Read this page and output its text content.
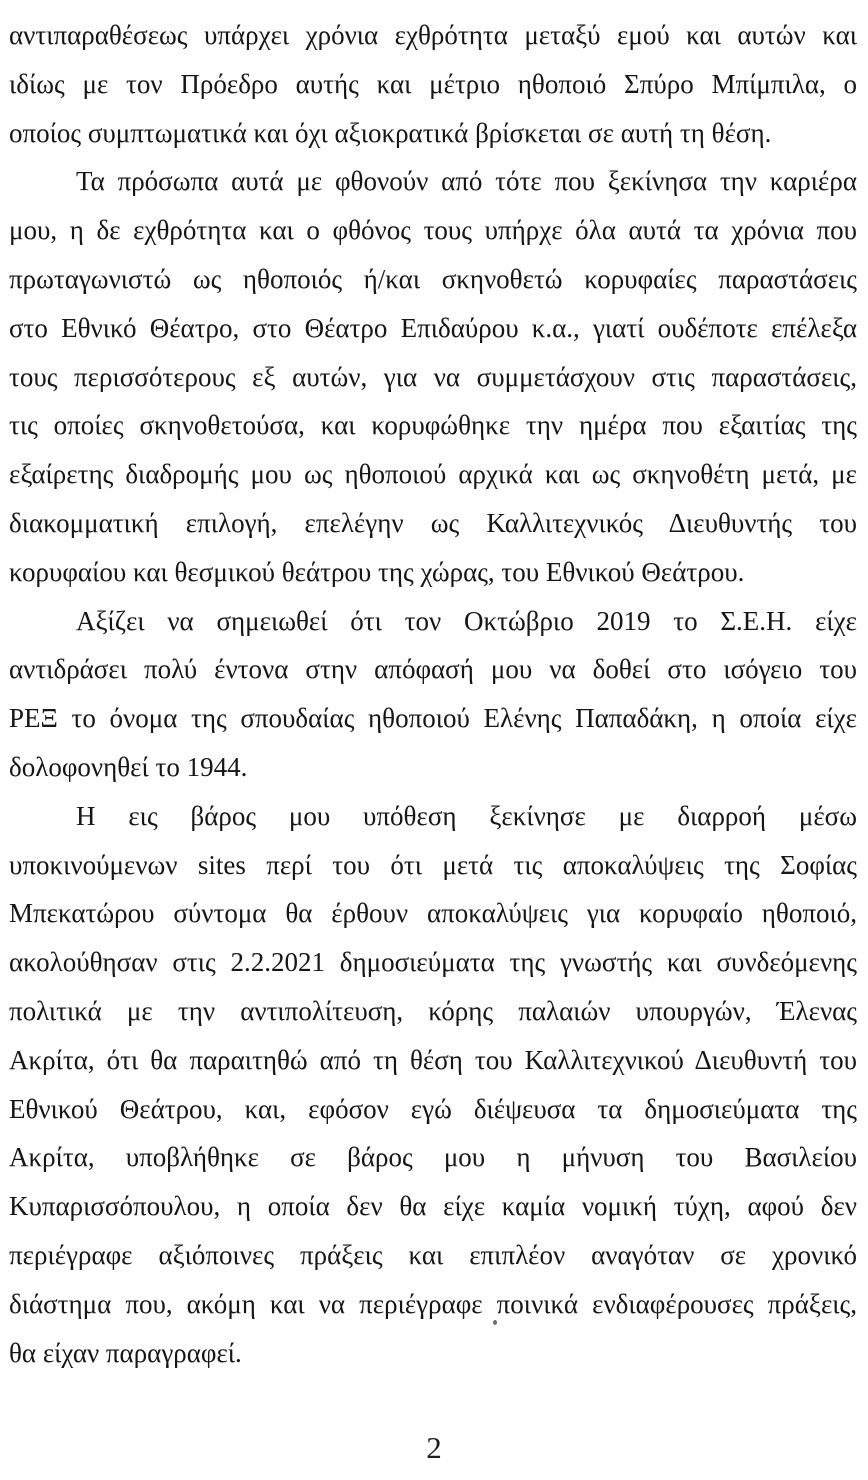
αντιπαραθέσεως υπάρχει χρόνια εχθρότητα μεταξύ εμού και αυτών και
ιδίως με τον Πρόεδρο αυτής και μέτριο ηθοποιό Σπύρο Μπίμπιλα, ο
οποίος συμπτωματικά και όχι αξιοκρατικά βρίσκεται σε αυτή τη θέση.
Τα πρόσωπα αυτά με φθονούν από τότε που ξεκίνησα την καριέρα
μου, η δε εχθρότητα και ο φθόνος τους υπήρχε όλα αυτά τα χρόνια που
πρωταγωνιστώ ως ηθοποιός ή/και σκηνοθετώ κορυφαίες παραστάσεις
στο Εθνικό Θέατρο, στο Θέατρο Επιδαύρου κ.α., γιατί ουδέποτε επέλεξα
τους περισσότερους εξ αυτών, για να συμμετάσχουν στις παραστάσεις,
τις οποίες σκηνοθετούσα, και κορυφώθηκε την ημέρα που εξαιτίας της
εξαίρετης διαδρομής μου ως ηθοποιού αρχικά και ως σκηνοθέτη μετά, με
διακομματική επιλογή, επελέγην ως Καλλιτεχνικός Διευθυντής του
κορυφαίου και θεσμικού θεάτρου της χώρας, του Εθνικού Θεάτρου.
Αξίζει να σημειωθεί ότι τον Οκτώβριο 2019 το Σ.Ε.Η. είχε
αντιδράσει πολύ έντονα στην απόφασή μου να δοθεί στο ισόγειο του
ΡΕΞ το όνομα της σπουδαίας ηθοποιού Ελένης Παπαδάκη, η οποία είχε
δολοφονηθεί το 1944.
Η εις βάρος μου υπόθεση ξεκίνησε με διαρροή μέσω
υποκινούμενων sites περί του ότι μετά τις αποκαλύψεις της Σοφίας
Μπεκατώρου σύντομα θα έρθουν αποκαλύψεις για κορυφαίο ηθοποιό,
ακολούθησαν στις 2.2.2021 δημοσιεύματα της γνωστής και συνδεόμενης
πολιτικά με την αντιπολίτευση, κόρης παλαιών υπουργών, Έλενας
Ακρίτα, ότι θα παραιτηθώ από τη θέση του Καλλιτεχνικού Διευθυντή του
Εθνικού Θεάτρου, και, εφόσον εγώ διέψευσα τα δημοσιεύματα της
Ακρίτα, υποβλήθηκε σε βάρος μου η μήνυση του Βασιλείου
Κυπαρισσόπουλου, η οποία δεν θα είχε καμία νομική τύχη, αφού δεν
περιέγραφε αξιόποινες πράξεις και επιπλέον αναγόταν σε χρονικό
διάστημα που, ακόμη και να περιέγραφε ποινικά ενδιαφέρουσες πράξεις,
θα είχαν παραγραφεί.
2
